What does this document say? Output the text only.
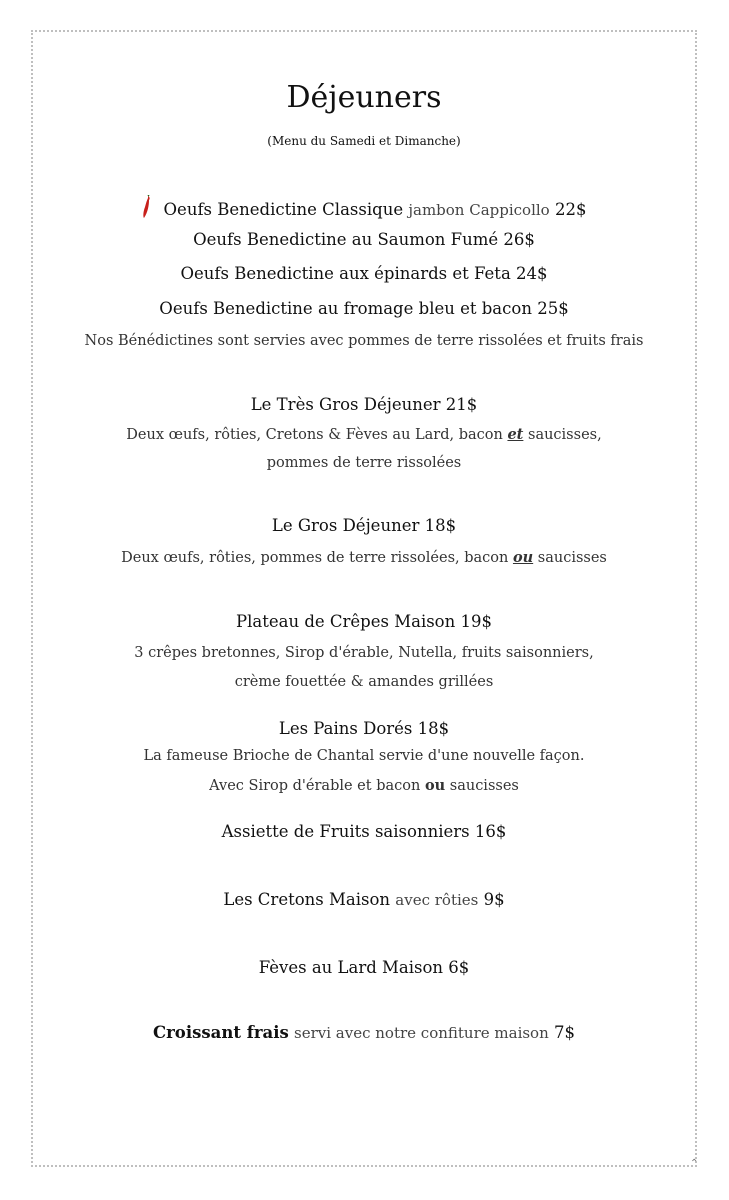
⌃
Déjeuners
(Menu du Samedi et Dimanche)
Oeufs Benedictine Classique jambon Cappicollo 22$
Oeufs Benedictine au Saumon Fumé 26$
Oeufs Benedictine aux épinards et Feta 24$
Oeufs Benedictine au fromage bleu et bacon 25$
Nos Bénédictines sont servies avec pommes de terre rissolées et fruits frais
Le Très Gros Déjeuner 21$
Deux œufs, rôties, Cretons & Fèves au Lard, bacon et saucisses,
pommes de terre rissolées
Le Gros Déjeuner 18$
Deux œufs, rôties, pommes de terre rissolées, bacon ou saucisses
Plateau de Crêpes Maison 19$
3 crêpes bretonnes, Sirop d'érable, Nutella, fruits saisonniers,
crème fouettée & amandes grillées
Les Pains Dorés 18$
La fameuse Brioche de Chantal servie d'une nouvelle façon.
Avec Sirop d'érable et bacon ou saucisses
Assiette de Fruits saisonniers 16$
Les Cretons Maison avec rôties 9$
Fèves au Lard Maison 6$
Croissant frais servi avec notre confiture maison 7$
